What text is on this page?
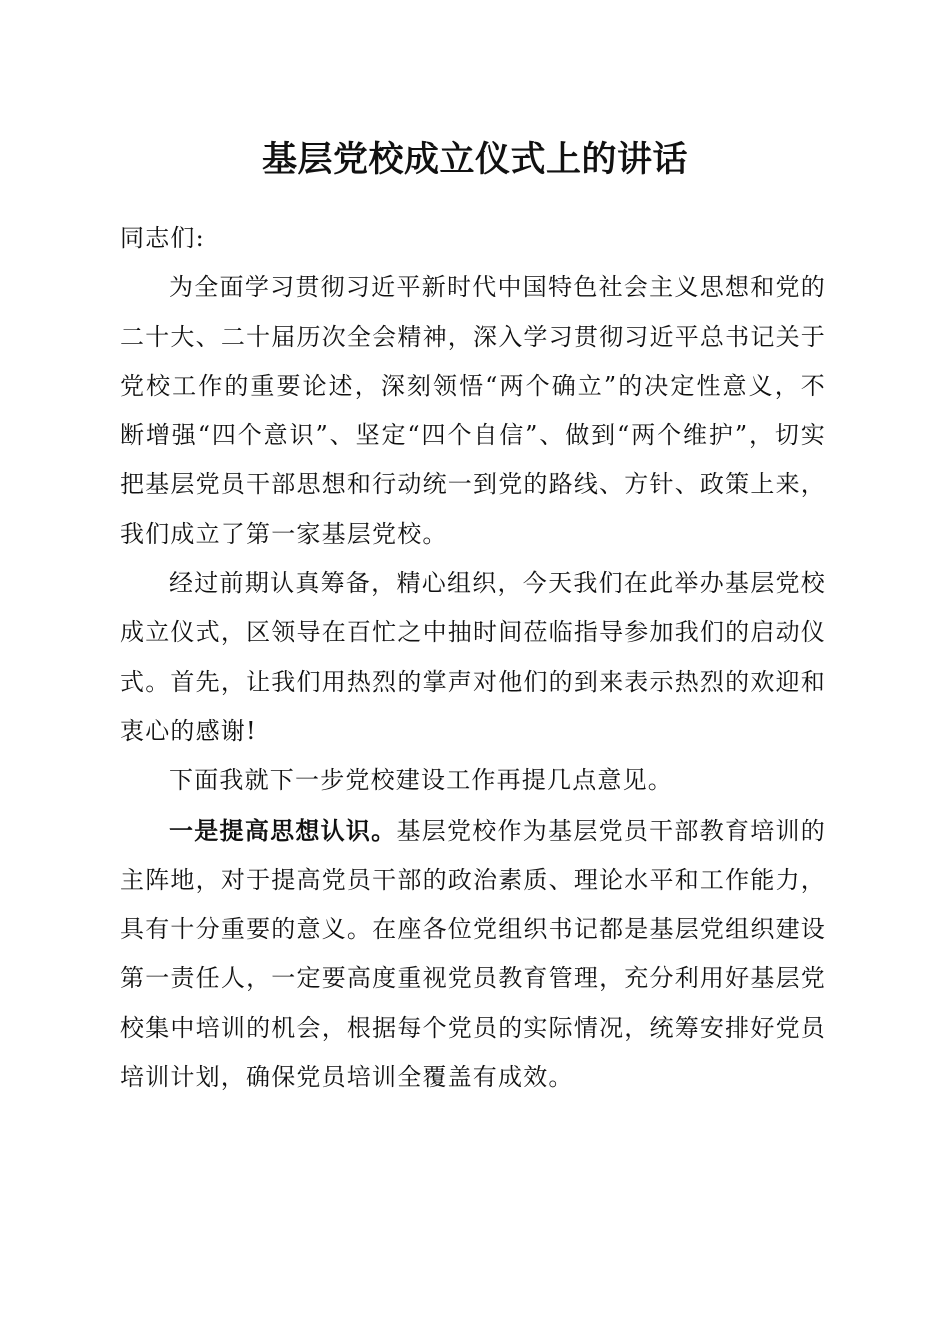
基层党校成立仪式上的讲话

同志们:

为全面学习贯彻习近平新时代中国特色社会主义思想和党的二十大、二十届历次全会精神，深入学习贯彻习近平总书记关于党校工作的重要论述，深刻领悟“两个确立”的决定性意义，不断增强“四个意识”、坚定“四个自信”、做到“两个维护”，切实把基层党员干部思想和行动统一到党的路线、方针、政策上来，我们成立了第一家基层党校。

经过前期认真筹备，精心组织，今天我们在此举办基层党校成立仪式，区领导在百忙之中抽时间莅临指导参加我们的启动仪式。首先，让我们用热烈的掌声对他们的到来表示热烈的欢迎和衷心的感谢!

下面我就下一步党校建设工作再提几点意见。

一是提高思想认识。基层党校作为基层党员干部教育培训的主阵地，对于提高党员干部的政治素质、理论水平和工作能力，具有十分重要的意义。在座各位党组织书记都是基层党组织建设第一责任人，一定要高度重视党员教育管理，充分利用好基层党校集中培训的机会，根据每个党员的实际情况，统筹安排好党员培训计划，确保党员培训全覆盖有成效。
